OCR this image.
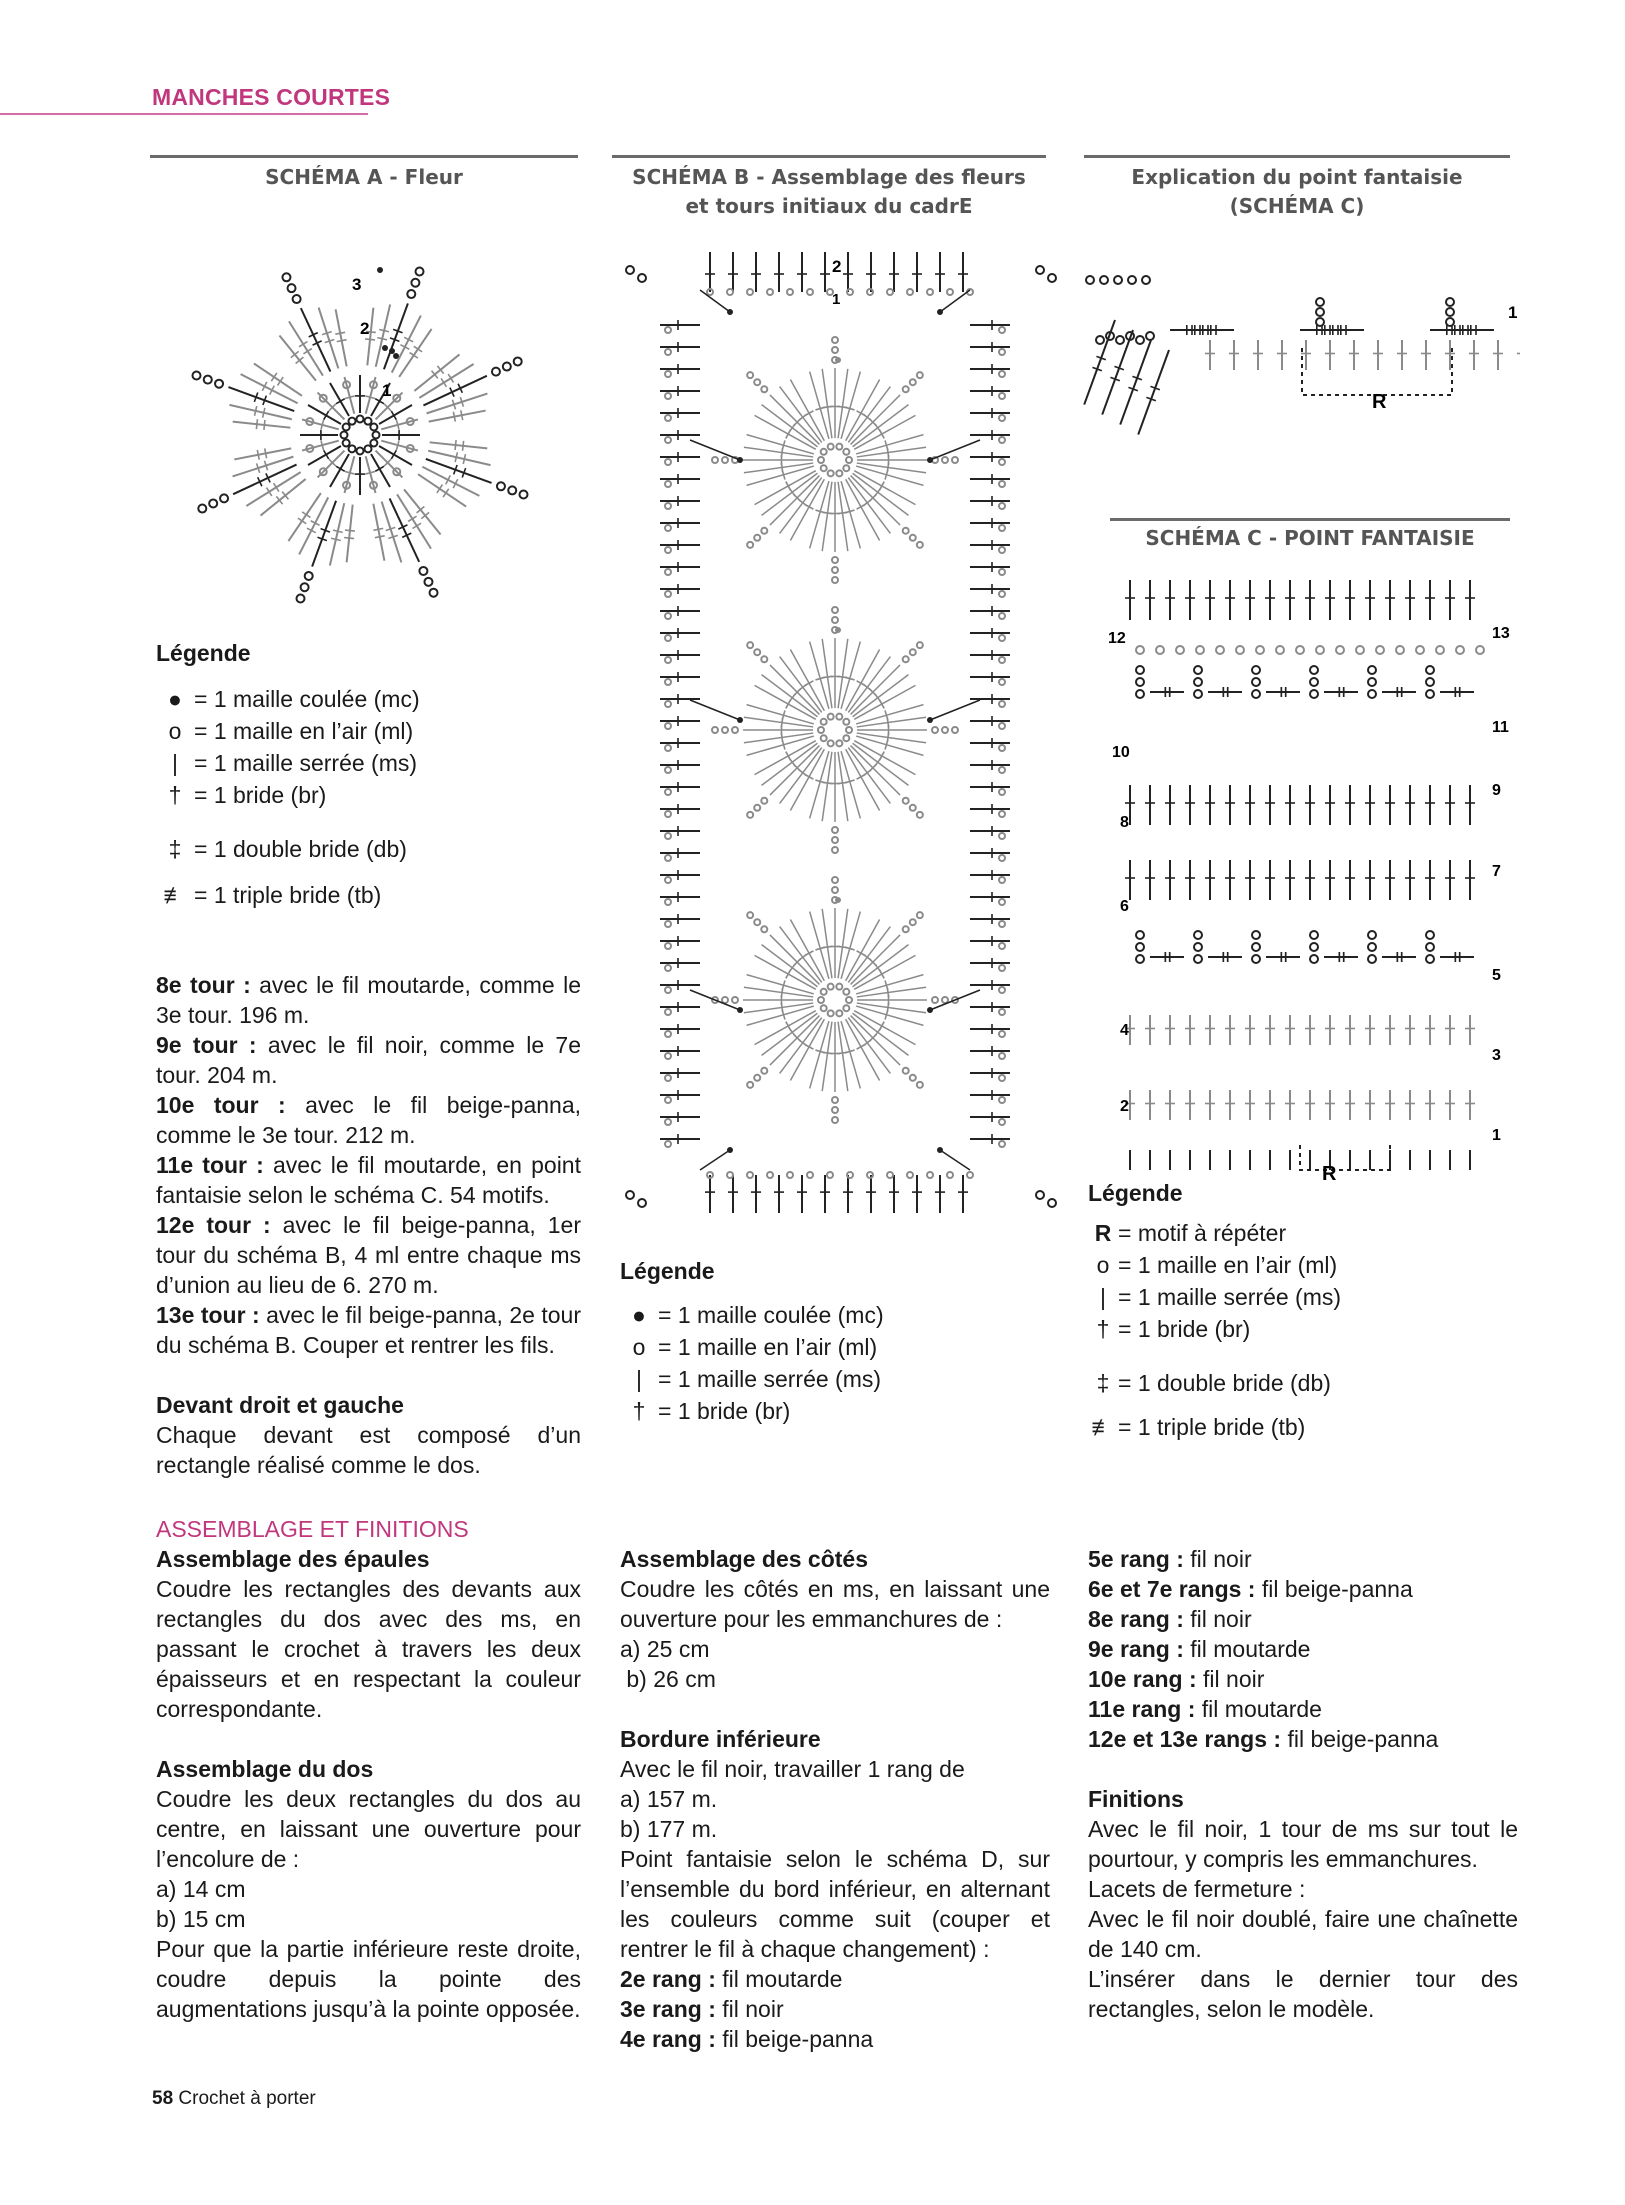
MANCHES COURTES
SCHÉMA A - Fleur	SCHÉMA B - Assemblage des fleurs
et tours initiaux du cadrE
Explication du point fantaisie
(SCHÉMA C)
SCHÉMA C - POINT FANTAISIE
3
2
1
2
1
1
R
12
10
8
6
4
2
13
11
9
7
5
3
1
R
Légende
● = 1 maille coulée (mc)
o = 1 maille en l’air (ml)
| = 1 maille serrée (ms)
† = 1 bride (br)
‡ = 1 double bride (db)
≢ = 1 triple bride (tb)

8e tour : avec le fil moutarde, comme le 3e tour. 196 m.

9e tour : avec le fil noir, comme le 7e tour. 204 m.

10e tour : avec le fil beige-panna, comme le 3e tour. 212 m.

11e tour : avec le fil moutarde, en point fantaisie selon le schéma C. 54 motifs.

12e tour : avec le fil beige-panna, 1er tour du schéma B, 4 ml entre chaque ms d’union au lieu de 6. 270 m.

13e tour : avec le fil beige-panna, 2e tour du schéma B. Couper et rentrer les fils.

Devant droit et gauche

Chaque devant est composé d’un rectangle réalisé comme le dos.

Légende
● = 1 maille coulée (mc)
o = 1 maille en l’air (ml)
| = 1 maille serrée (ms)
† = 1 bride (br)
Légende
R = motif à répéter
o = 1 maille en l’air (ml)
| = 1 maille serrée (ms)
† = 1 bride (br)
‡ = 1 double bride (db)
≢ = 1 triple bride (tb)

ASSEMBLAGE ET FINITIONS

Assemblage des épaules

Coudre les rectangles des devants aux rectangles du dos avec des ms, en passant le crochet à travers les deux épaisseurs et en respectant la couleur correspondante.

Assemblage du dos

Coudre les deux rectangles du dos au centre, en laissant une ouverture pour l’encolure de :

a) 14 cm

b) 15 cm

Pour que la partie inférieure reste droite, coudre depuis la pointe des augmentations jusqu’à la pointe opposée.

Assemblage des côtés

Coudre les côtés en ms, en laissant une ouverture pour les emmanchures de :

a) 25 cm

b) 26 cm

Bordure inférieure

Avec le fil noir, travailler 1 rang de

a) 157 m.

b) 177 m.

Point fantaisie selon le schéma D, sur l’ensemble du bord inférieur, en alternant les couleurs comme suit (couper et rentrer le fil à chaque changement) :

2e rang : fil moutarde

3e rang : fil noir

4e rang : fil beige-panna

5e rang : fil noir

6e et 7e rangs : fil beige-panna

8e rang : fil noir

9e rang : fil moutarde

10e rang : fil noir

11e rang : fil moutarde

12e et 13e rangs : fil beige-panna

Finitions

Avec le fil noir, 1 tour de ms sur tout le pourtour, y compris les emmanchures.

Lacets de fermeture :

Avec le fil noir doublé, faire une chaînette de 140 cm.

L’insérer dans le dernier tour des rectangles, selon le modèle.

58 Crochet à porter
